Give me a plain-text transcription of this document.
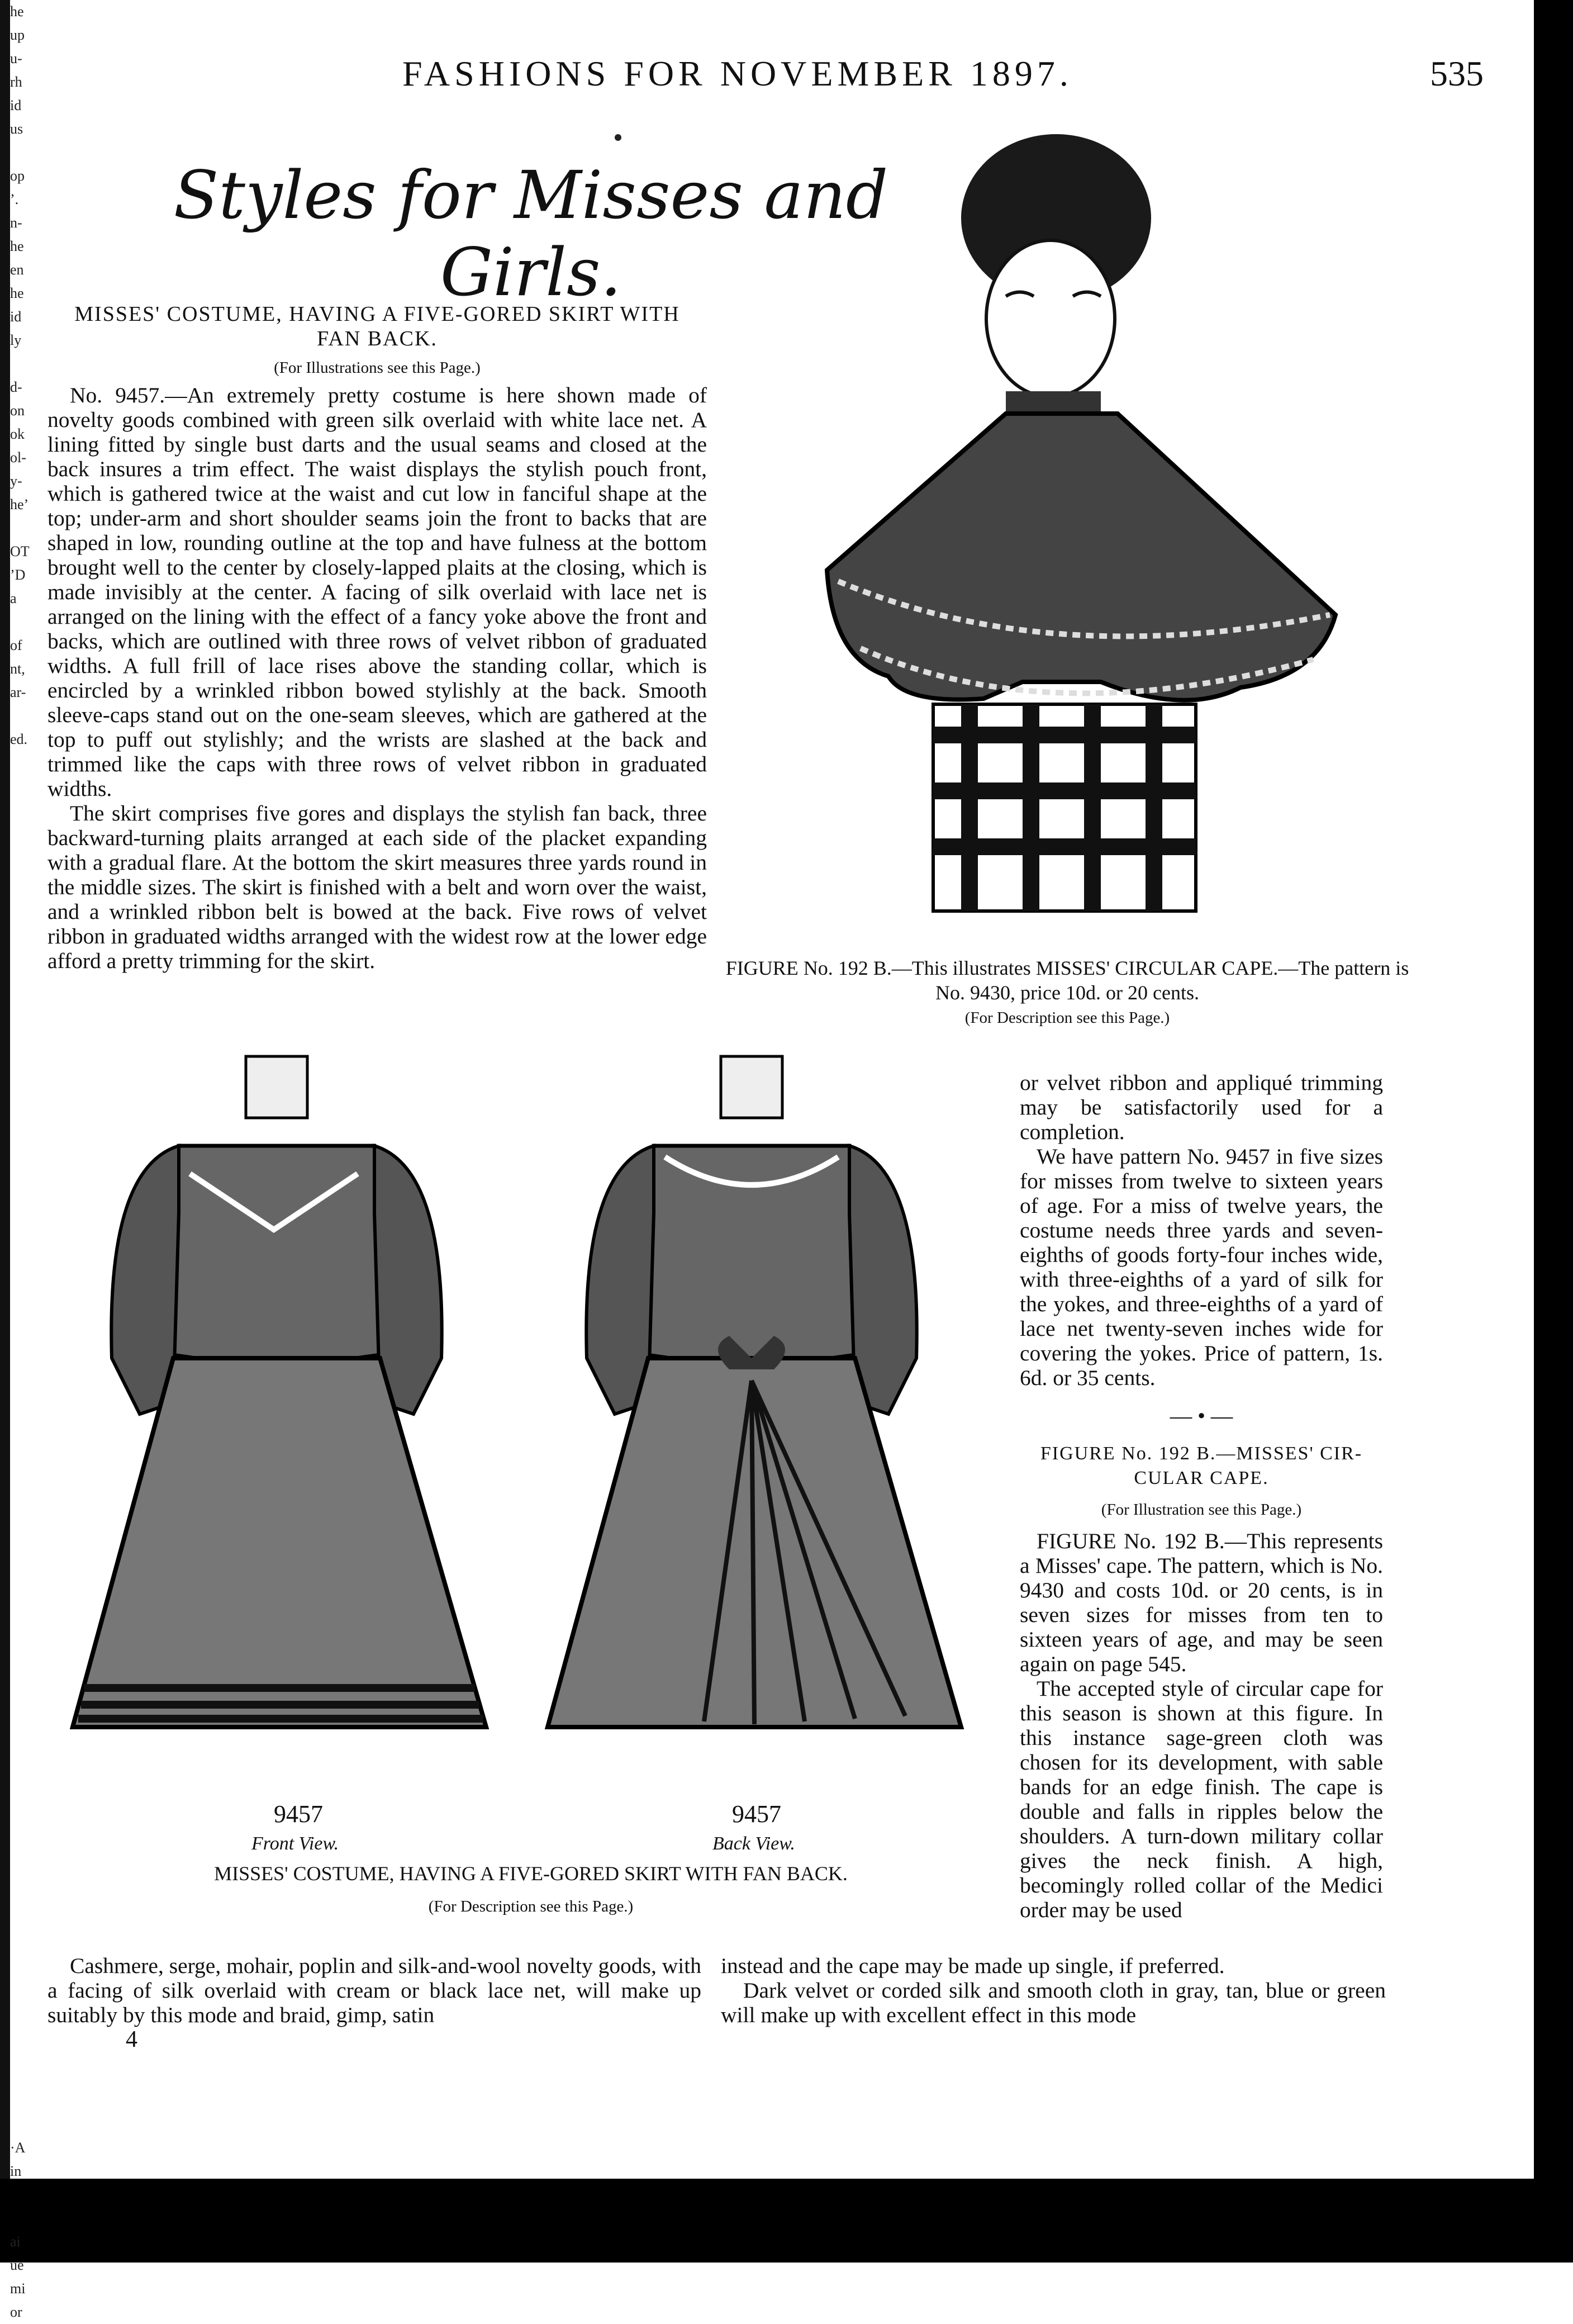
he
up
u-
rh
id
us
op
’.
n-
he
en
he
id
ly
d-
on
ok
ol-
y-
he’
OT
’D
a
of
nt,
ar-
ed.
·A
in
ai
ue
mi
or
FASHIONS FOR NOVEMBER 1897.	535
Styles for Misses and Girls.
MISSES' COSTUME, HAVING A FIVE-GORED SKIRT WITH
FAN BACK.
(For Illustrations see this Page.)

No. 9457.—An extremely pretty costume is here shown made of novelty goods combined with green silk overlaid with white lace net. A lining fitted by single bust darts and the usual seams and closed at the back insures a trim effect. The waist displays the stylish pouch front, which is gathered twice at the waist and cut low in fanciful shape at the top; under-arm and short shoulder seams join the front to backs that are shaped in low, rounding outline at the top and have fulness at the bottom brought well to the center by closely-lapped plaits at the closing, which is made invisibly at the center. A facing of silk overlaid with lace net is arranged on the lining with the effect of a fancy yoke above the front and backs, which are outlined with three rows of velvet ribbon of graduated widths. A full frill of lace rises above the standing collar, which is encircled by a wrinkled ribbon bowed stylishly at the back. Smooth sleeve-caps stand out on the one-seam sleeves, which are gathered at the top to puff out stylishly; and the wrists are slashed at the back and trimmed like the caps with three rows of velvet ribbon in graduated widths.

The skirt comprises five gores and displays the stylish fan back, three backward-turning plaits arranged at each side of the placket expanding with a gradual flare. At the bottom the skirt measures three yards round in the middle sizes. The skirt is finished with a belt and worn over the waist, and a wrinkled ribbon belt is bowed at the back. Five rows of velvet ribbon in graduated widths arranged with the widest row at the lower edge afford a pretty trimming for the skirt.	FIGURE No. 192 B.—This illustrates MISSES' CIRCULAR CAPE.—The pattern is No. 9430, price 10d. or 20 cents.
(For Description see this Page.)
9457	9457
Front View.	Back View.
MISSES' COSTUME, HAVING A FIVE-GORED SKIRT WITH FAN BACK.
(For Description see this Page.)

or velvet ribbon and appliqué trimming may be satisfactorily used for a completion.

We have pattern No. 9457 in five sizes for misses from twelve to sixteen years of age. For a miss of twelve years, the costume needs three yards and seven-eighths of goods forty-four inches wide, with three-eighths of a yard of silk for the yokes, and three-eighths of a yard of lace net twenty-seven inches wide for covering the yokes. Price of pattern, 1s. 6d. or 35 cents.

— • —
FIGURE No. 192 B.—MISSES' CIR-
CULAR CAPE.
(For Illustration see this Page.)

FIGURE No. 192 B.—This represents a Misses' cape. The pattern, which is No. 9430 and costs 10d. or 20 cents, is in seven sizes for misses from ten to sixteen years of age, and may be seen again on page 545.

The accepted style of circular cape for this season is shown at this figure. In this instance sage-green cloth was chosen for its development, with sable bands for an edge finish. The cape is double and falls in ripples below the shoulders. A turn-down military collar gives the neck finish. A high, becomingly rolled collar of the Medici order may be used

Cashmere, serge, mohair, poplin and silk-and-wool novelty goods, with a facing of silk overlaid with cream or black lace net, will make up suitably by this mode and braid, gimp, satin

instead and the cape may be made up single, if preferred.

Dark velvet or corded silk and smooth cloth in gray, tan, blue or green will make up with excellent effect in this mode

4
